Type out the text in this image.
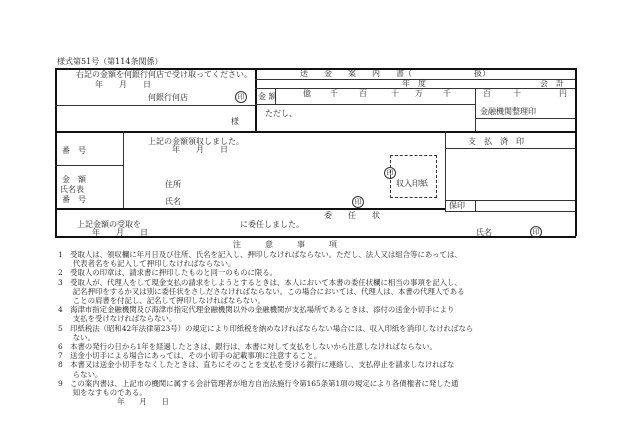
様式第51号（第114条関係）
右記の金額を何銀行何店で受け取ってください。
年　　月　　日
何銀行何店	印
様
送　　金　　案　　内　　書（	扱）
年　度	会　計
金 額	億 千	百	十 万	千	百	十	円
ただし、	金融機関整理印
番　号
上記の金額領収しました。
年　　月　　日
支　払　済　印
金　額
氏名表
番　号
住所
氏名	印
印
収入印紙
保印
委　　任　　状
上記金額の受取を	に委任しました。
年　　月　　日	氏名	印
注　　　意　　　事　　　項
1　受取人は、領収欄に年月日及び住所、氏名を記入し、押印しなければならない。ただし、法人又は組合等にあっては、
　　代表者名をも記入して押印しなければならない。
2　受取人の印章は、請求書に押印したものと同一のものに限る。
3　受取人が、代理人をして現金支払の請求をしようとするときは、本人において本書の委任状欄に相当の事項を記入し、
　　記名押印をするか又は別に委任状をさしださなければならない。この場合においては、代理人は、本書の代理人である
　　ことの肩書を付記し、記名して押印しなければならない。
4　海津市指定金融機関及び海津市指定代理金融機関以外の金融機関が支払場所であるときは、添付の送金小切手により
　　支払を受けなければならない。
5　印紙税法（昭和42年法律第23号）の規定により印紙税を納めなければならない場合には、収入印紙を消印しなければなら
　　ない。
6　本書の発行の日から1年を経過したときは、銀行は、本書に対して支払をしないから注意しなければならない。
7　送金小切手による場合にあっては、その小切手の記載事項に注意すること。
8　本書又は送金小切手をなくしたときは、直ちにそのことを支払を受ける銀行に連絡し、支払停止を請求しなければな
　　らない。
9　この案内書は、上記市の機関に属する会計管理者が地方自治法施行令第165条第1項の規定により各債権者に発した通
　　知をなすものである。
　　　　　　　　年　　月　　日
